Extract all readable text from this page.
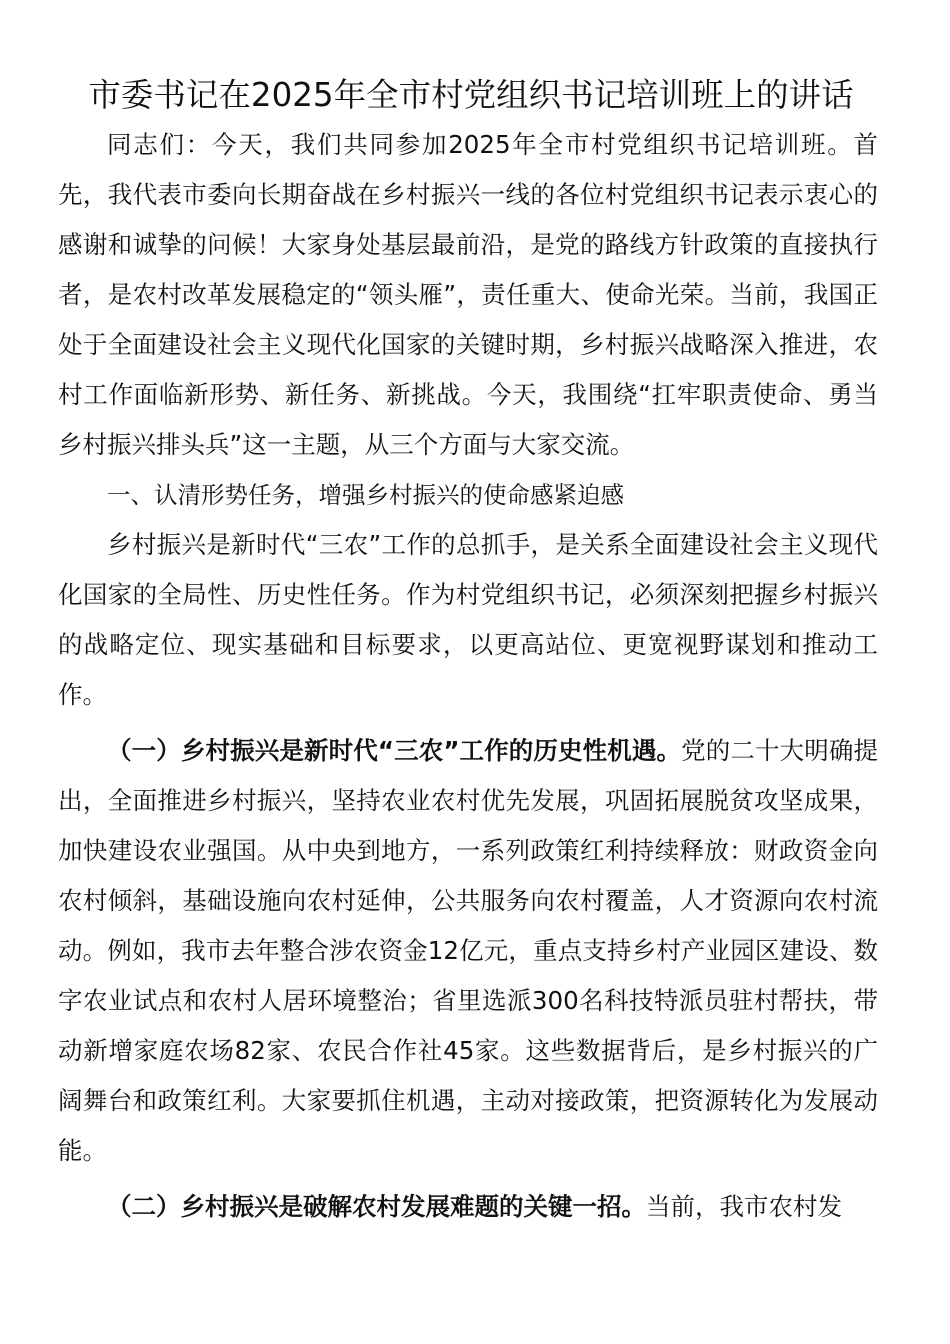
市委书记在2025年全市村党组织书记培训班上的讲话

同志们：今天，我们共同参加2025年全市村党组织书记培训班。首先，我代表市委向长期奋战在乡村振兴一线的各位村党组织书记表示衷心的感谢和诚挚的问候！大家身处基层最前沿，是党的路线方针政策的直接执行者，是农村改革发展稳定的“领头雁”，责任重大、使命光荣。当前，我国正处于全面建设社会主义现代化国家的关键时期，乡村振兴战略深入推进，农村工作面临新形势、新任务、新挑战。今天，我围绕“扛牢职责使命、勇当乡村振兴排头兵”这一主题，从三个方面与大家交流。

一、认清形势任务，增强乡村振兴的使命感紧迫感

乡村振兴是新时代“三农”工作的总抓手，是关系全面建设社会主义现代化国家的全局性、历史性任务。作为村党组织书记，必须深刻把握乡村振兴的战略定位、现实基础和目标要求，以更高站位、更宽视野谋划和推动工作。

（一）乡村振兴是新时代“三农”工作的历史性机遇。党的二十大明确提出，全面推进乡村振兴，坚持农业农村优先发展，巩固拓展脱贫攻坚成果，加快建设农业强国。从中央到地方，一系列政策红利持续释放：财政资金向农村倾斜，基础设施向农村延伸，公共服务向农村覆盖，人才资源向农村流动。例如，我市去年整合涉农资金12亿元，重点支持乡村产业园区建设、数字农业试点和农村人居环境整治；省里选派300名科技特派员驻村帮扶，带动新增家庭农场82家、农民合作社45家。这些数据背后，是乡村振兴的广阔舞台和政策红利。大家要抓住机遇，主动对接政策，把资源转化为发展动能。

（二）乡村振兴是破解农村发展难题的关键一招。当前，我市农村发
